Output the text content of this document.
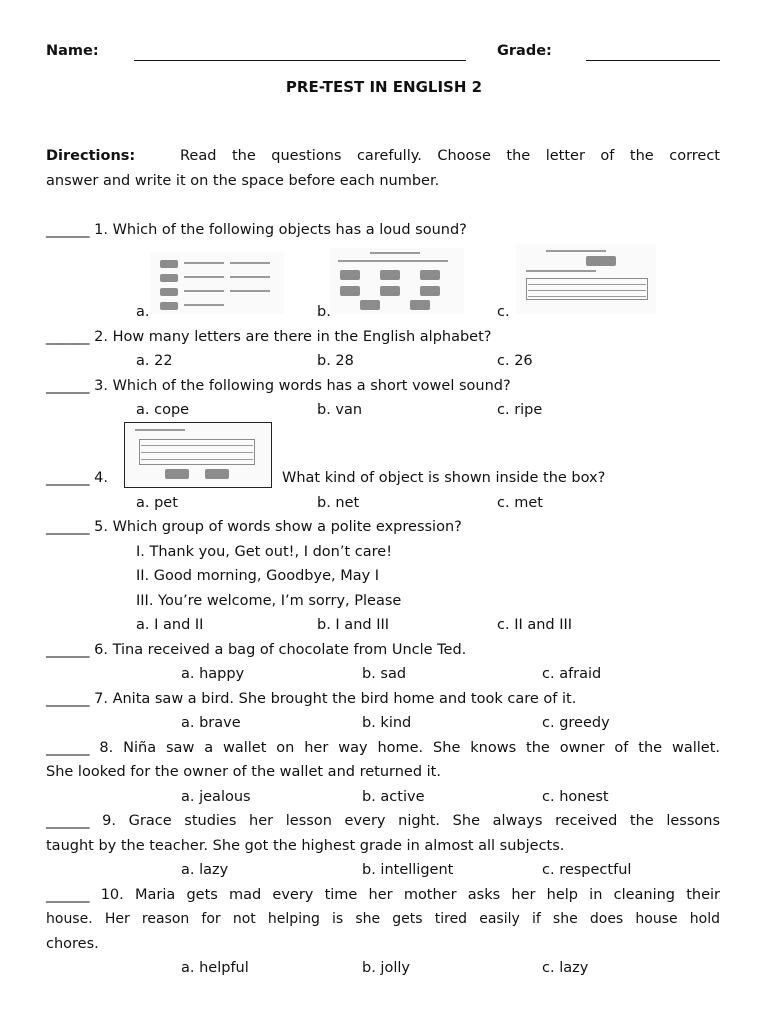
Name:	Grade:
PRE-TEST IN ENGLISH 2
Directions:	Read the questions carefully. Choose the letter of the correct
answer and write it on the space before each number.
______ 1. Which of the following objects has a loud sound?
a.	b.	c.
______ 2. How many letters are there in the English alphabet?
a. 22	b. 28	c. 26
______ 3. Which of the following words has a short vowel sound?
a. cope	b. van	c. ripe
______ 4.	What kind of object is shown inside the box?
a. pet	b. net	c. met
______ 5. Which group of words show a polite expression?
I. Thank you, Get out!, I don’t care!
II. Good morning, Goodbye, May I
III. You’re welcome, I’m sorry, Please
a. I and II	b. I and III	c. II and III
______ 6. Tina received a bag of chocolate from Uncle Ted.
a. happy	b. sad	c. afraid
______ 7. Anita saw a bird. She brought the bird home and took care of it.
a. brave	b. kind	c. greedy
______ 8. Niña saw a wallet on her way home. She knows the owner of the wallet.
She looked for the owner of the wallet and returned it.
a. jealous	b. active	c. honest
______ 9. Grace studies her lesson every night. She always received the lessons
taught by the teacher. She got the highest grade in almost all subjects.
a. lazy	b. intelligent	c. respectful
______ 10. Maria gets mad every time her mother asks her help in cleaning their
house. Her reason for not helping is she gets tired easily if she does house hold
chores.
a. helpful	b. jolly	c. lazy
